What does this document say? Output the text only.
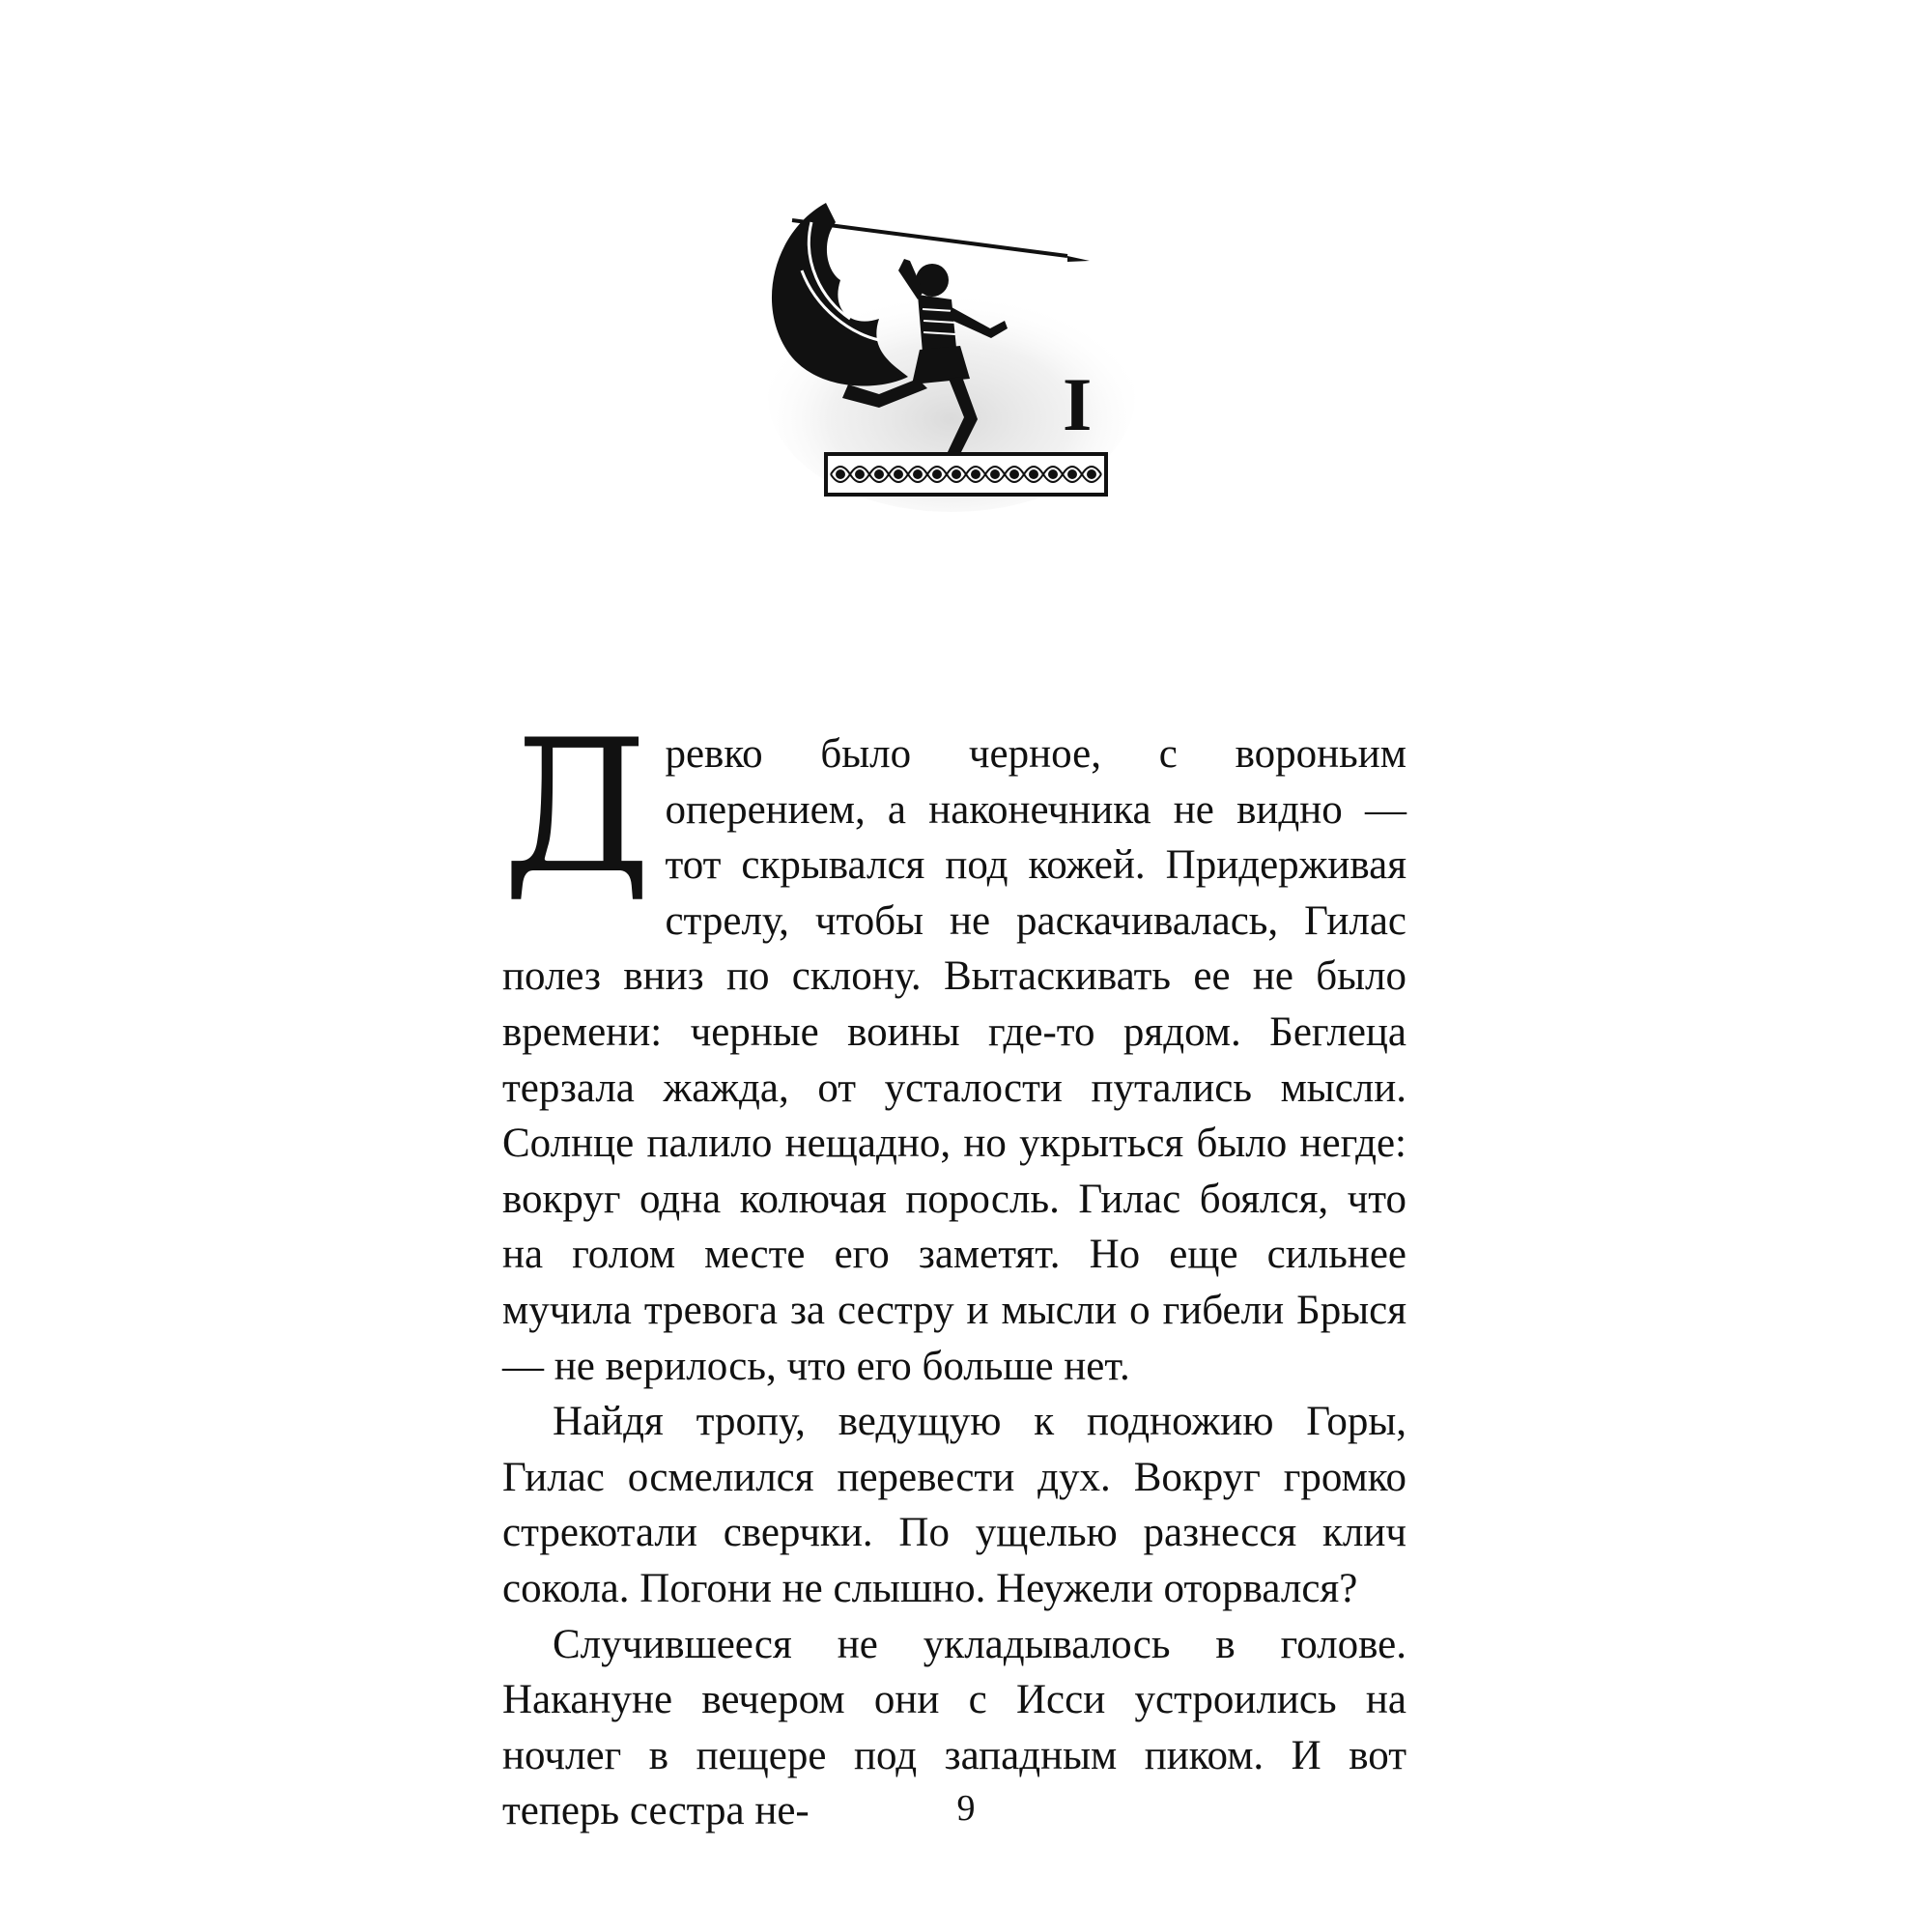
I

Древко было черное, с вороньим оперением, а наконечника не видно — тот скрывался под кожей. Придерживая стрелу, чтобы не раскачивалась, Гилас полез вниз по склону. Вытаскивать ее не было времени: черные воины где-то рядом. Беглеца терзала жажда, от усталости путались мысли. Солнце палило нещадно, но укрыться было негде: вокруг одна колючая поросль. Гилас боялся, что на голом месте его заметят. Но еще сильнее мучила тревога за сестру и мысли о гибели Брыся — не верилось, что его больше нет.

Найдя тропу, ведущую к подножию Горы, Гилас осмелился перевести дух. Вокруг громко стрекотали сверчки. По ущелью разнесся клич сокола. Погони не слышно. Неужели оторвался?

Случившееся не укладывалось в голове. Накануне вечером они с Исси устроились на ночлег в пещере под западным пиком. И вот теперь сестра не-	9
